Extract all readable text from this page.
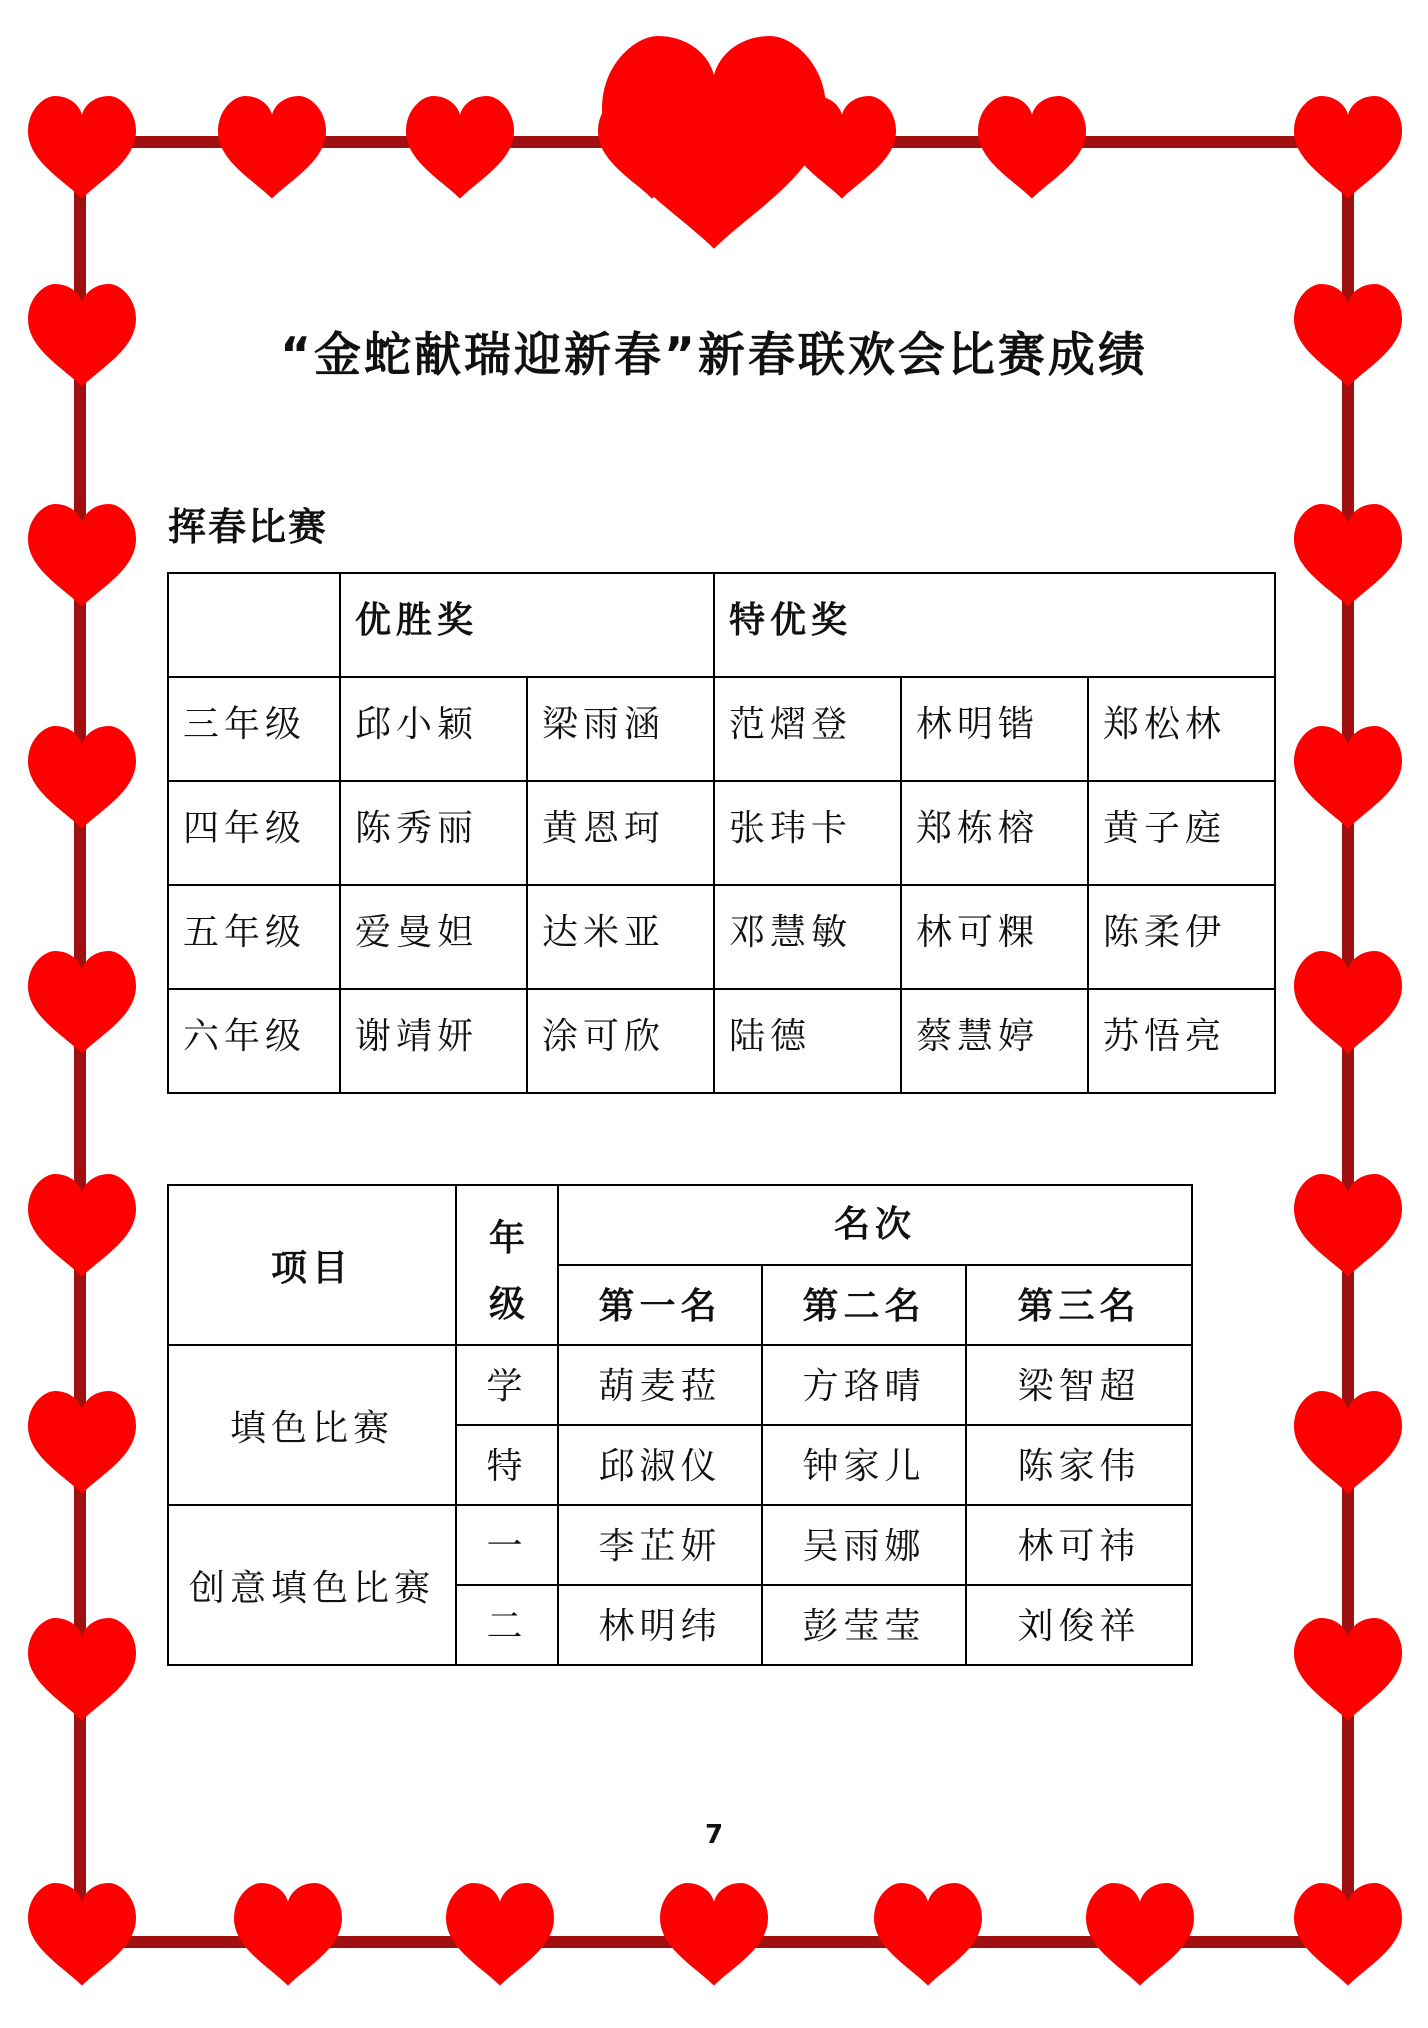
“金蛇献瑞迎新春”新春联欢会比赛成绩
挥春比赛
	优胜奖		特优奖		
三年级	邱小颖	梁雨涵	范熠登	林明锴	郑松林
四年级	陈秀丽	黄恩珂	张玮卡	郑栋榕	黄子庭
五年级	爱曼妲	达米亚	邓慧敏	林可粿	陈柔伊
六年级	谢靖妍	涂可欣	陆德	蔡慧婷	苏悟亮
项目	年级	名次		
		第一名	第二名	第三名
填色比赛	学	葫麦菈	方珞晴	梁智超
	特	邱淑仪	钟家儿	陈家伟
创意填色比赛	一	李芷妍	吴雨娜	林可祎
	二	林明纬	彭莹莹	刘俊祥

7
